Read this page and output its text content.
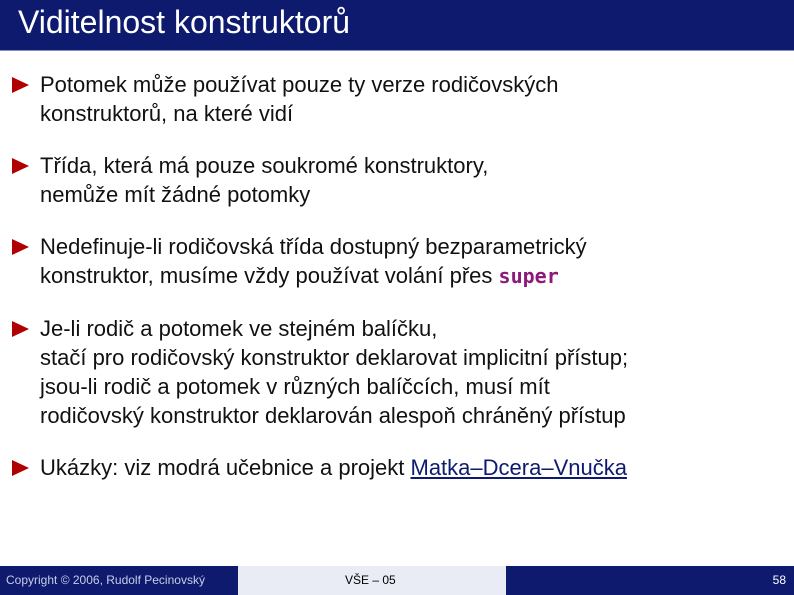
Viditelnost konstruktorů
Potomek může používat pouze ty verze rodičovských
konstruktorů, na které vidí
Třída, která má pouze soukromé konstruktory,
nemůže mít žádné potomky
Nedefinuje-li rodičovská třída dostupný bezparametrický
konstruktor, musíme vždy používat volání přes super
Je-li rodič a potomek ve stejném balíčku,
stačí pro rodičovský konstruktor deklarovat implicitní přístup;
jsou-li rodič a potomek v různých balíčcích, musí mít
rodičovský konstruktor deklarován alespoň chráněný přístup
Ukázky: viz modrá učebnice a projekt Matka–Dcera–Vnučka
Copyright © 2006, Rudolf Pecinovský	VŠE – 05	58
